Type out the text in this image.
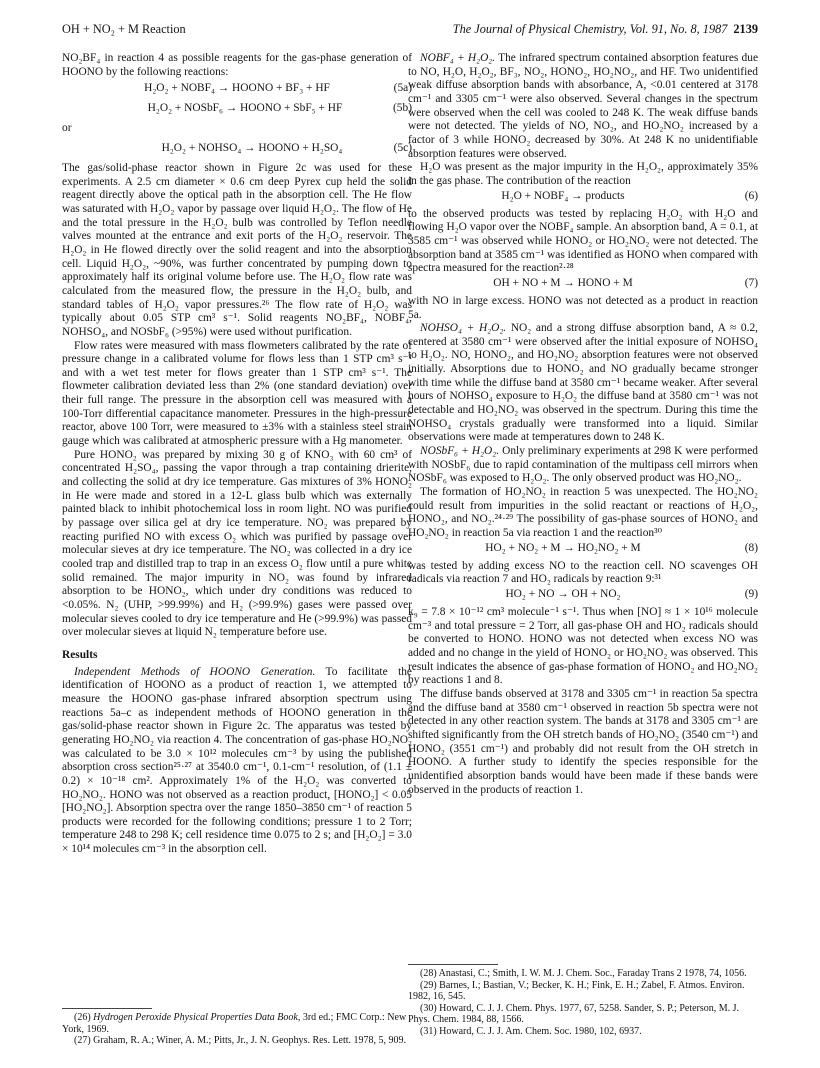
OH + NO₂ + M Reaction	The Journal of Physical Chemistry, Vol. 91, No. 8, 1987 2139

NO₂BF₄ in reaction 4 as possible reagents for the gas-phase generation of HOONO by the following reactions:

H₂O₂ + NOBF₄ → HOONO + BF₃ + HF	(5a)
H₂O₂ + NOSbF₆ → HOONO + SbF₅ + HF	(5b)
or
H₂O₂ + NOHSO₄ → HOONO + H₂SO₄	(5c)

The gas/solid-phase reactor shown in Figure 2c was used for these experiments. A 2.5 cm diameter × 0.6 cm deep Pyrex cup held the solid reagent directly above the optical path in the absorption cell. The He flow was saturated with H₂O₂ vapor by passage over liquid H₂O₂. The flow of He and the total pressure in the H₂O₂ bulb was controlled by Teflon needle valves mounted at the entrance and exit ports of the H₂O₂ reservoir. The H₂O₂ in He flowed directly over the solid reagent and into the absorption cell. Liquid H₂O₂, ~90%, was further concentrated by pumping down to approximately half its original volume before use. The H₂O₂ flow rate was calculated from the measured flow, the pressure in the H₂O₂ bulb, and standard tables of H₂O₂ vapor pressures.²⁶ The flow rate of H₂O₂ was typically about 0.05 STP cm³ s⁻¹. Solid reagents NO₂BF₄, NOBF₄, NOHSO₄, and NOSbF₆ (>95%) were used without purification.

Flow rates were measured with mass flowmeters calibrated by the rate of pressure change in a calibrated volume for flows less than 1 STP cm³ s⁻¹ and with a wet test meter for flows greater than 1 STP cm³ s⁻¹. The flowmeter calibration deviated less than 2% (one standard deviation) over their full range. The pressure in the absorption cell was measured with a 100-Torr differential capacitance manometer. Pressures in the high-pressure reactor, above 100 Torr, were measured to ±3% with a stainless steel strain gauge which was calibrated at atmospheric pressure with a Hg manometer.

Pure HONO₂ was prepared by mixing 30 g of KNO₃ with 60 cm³ of concentrated H₂SO₄, passing the vapor through a trap containing drierite, and collecting the solid at dry ice temperature. Gas mixtures of 3% HONO₂ in He were made and stored in a 12-L glass bulb which was externally painted black to inhibit photochemical loss in room light. NO was purified by passage over silica gel at dry ice temperature. NO₂ was prepared by reacting purified NO with excess O₂ which was purified by passage over molecular sieves at dry ice temperature. The NO₂ was collected in a dry ice cooled trap and distilled trap to trap in an excess O₂ flow until a pure white solid remained. The major impurity in NO₂ was found by infrared absorption to be HONO₂, which under dry conditions was reduced to <0.05%. N₂ (UHP, >99.99%) and H₂ (>99.9%) gases were passed over molecular sieves cooled to dry ice temperature and He (>99.9%) was passed over molecular sieves at liquid N₂ temperature before use.

Results

Independent Methods of HOONO Generation. To facilitate the identification of HOONO as a product of reaction 1, we attempted to measure the HOONO gas-phase infrared absorption spectrum using reactions 5a–c as independent methods of HOONO generation in the gas/solid-phase reactor shown in Figure 2c. The apparatus was tested by generating HO₂NO₂ via reaction 4. The concentration of gas-phase HO₂NO₂ was calculated to be 3.0 × 10¹² molecules cm⁻³ by using the published absorption cross section²⁵·²⁷ at 3540.0 cm⁻¹, 0.1-cm⁻¹ resolution, of (1.1 ± 0.2) × 10⁻¹⁸ cm². Approximately 1% of the H₂O₂ was converted to HO₂NO₂. HONO was not observed as a reaction product, [HONO₂] < 0.05 [HO₂NO₂]. Absorption spectra over the range 1850–3850 cm⁻¹ of reaction 5 products were recorded for the following conditions; pressure 1 to 2 Torr; temperature 248 to 298 K; cell residence time 0.075 to 2 s; and [H₂O₂] = 3.0 × 10¹⁴ molecules cm⁻³ in the absorption cell.

(26) Hydrogen Peroxide Physical Properties Data Book, 3rd ed.; FMC Corp.: New York, 1969.
(27) Graham, R. A.; Winer, A. M.; Pitts, Jr., J. N. Geophys. Res. Lett. 1978, 5, 909.

NOBF₄ + H₂O₂. The infrared spectrum contained absorption features due to NO, H₂O, H₂O₂, BF₃, NO₂, HONO₂, HO₂NO₂, and HF. Two unidentified weak diffuse absorption bands with absorbance, A, <0.01 centered at 3178 cm⁻¹ and 3305 cm⁻¹ were also observed. Several changes in the spectrum were observed when the cell was cooled to 248 K. The weak diffuse bands were not detected. The yields of NO, NO₂, and HO₂NO₂ increased by a factor of 3 while HONO₂ decreased by 30%. At 248 K no unidentifiable absorption features were observed.

H₂O was present as the major impurity in the H₂O₂, approximately 35% in the gas phase. The contribution of the reaction

H₂O + NOBF₄ → products	(6)

to the observed products was tested by replacing H₂O₂ with H₂O and flowing H₂O vapor over the NOBF₄ sample. An absorption band, A = 0.1, at 3585 cm⁻¹ was observed while HONO₂ or HO₂NO₂ were not detected. The absorption band at 3585 cm⁻¹ was identified as HONO when compared with spectra measured for the reaction²·²⁸

OH + NO + M → HONO + M	(7)

with NO in large excess. HONO was not detected as a product in reaction 5a.

NOHSO₄ + H₂O₂. NO₂ and a strong diffuse absorption band, A ≈ 0.2, centered at 3580 cm⁻¹ were observed after the initial exposure of NOHSO₄ to H₂O₂. NO, HONO₂, and HO₂NO₂ absorption features were not observed initially. Absorptions due to HONO₂ and NO gradually became stronger with time while the diffuse band at 3580 cm⁻¹ became weaker. After several hours of NOHSO₄ exposure to H₂O₂ the diffuse band at 3580 cm⁻¹ was not detectable and HO₂NO₂ was observed in the spectrum. During this time the NOHSO₄ crystals gradually were transformed into a liquid. Similar observations were made at temperatures down to 248 K.

NOSbF₆ + H₂O₂. Only preliminary experiments at 298 K were performed with NOSbF₆ due to rapid contamination of the multipass cell mirrors when NOSbF₆ was exposed to H₂O₂. The only observed product was HO₂NO₂.

The formation of HO₂NO₂ in reaction 5 was unexpected. The HO₂NO₂ could result from impurities in the solid reactant or reactions of H₂O₂, HONO₂, and NO₂.²⁴·²⁹ The possibility of gas-phase sources of HONO₂ and HO₂NO₂ in reaction 5a via reaction 1 and the reaction³⁰

HO₂ + NO₂ + M → HO₂NO₂ + M	(8)

was tested by adding excess NO to the reaction cell. NO scavenges OH radicals via reaction 7 and HO₂ radicals by reaction 9:³¹

HO₂ + NO → OH + NO₂	(9)

k₉ = 7.8 × 10⁻¹² cm³ molecule⁻¹ s⁻¹. Thus when [NO] ≈ 1 × 10¹⁶ molecule cm⁻³ and total pressure = 2 Torr, all gas-phase OH and HO₂ radicals should be converted to HONO. HONO was not detected when excess NO was added and no change in the yield of HONO₂ or HO₂NO₂ was observed. This result indicates the absence of gas-phase formation of HONO₂ and HO₂NO₂ by reactions 1 and 8.

The diffuse bands observed at 3178 and 3305 cm⁻¹ in reaction 5a spectra and the diffuse band at 3580 cm⁻¹ observed in reaction 5b spectra were not detected in any other reaction system. The bands at 3178 and 3305 cm⁻¹ are shifted significantly from the OH stretch bands of HO₂NO₂ (3540 cm⁻¹) and HONO₂ (3551 cm⁻¹) and probably did not result from the OH stretch in HOONO. A further study to identify the species responsible for the unidentified absorption bands would have been made if these bands were observed in the products of reaction 1.

(28) Anastasi, C.; Smith, I. W. M. J. Chem. Soc., Faraday Trans 2 1978, 74, 1056.
(29) Barnes, I.; Bastian, V.; Becker, K. H.; Fink, E. H.; Zabel, F. Atmos. Environ. 1982, 16, 545.
(30) Howard, C. J. J. Chem. Phys. 1977, 67, 5258. Sander, S. P.; Peterson, M. J. Phys. Chem. 1984, 88, 1566.
(31) Howard, C. J. J. Am. Chem. Soc. 1980, 102, 6937.
